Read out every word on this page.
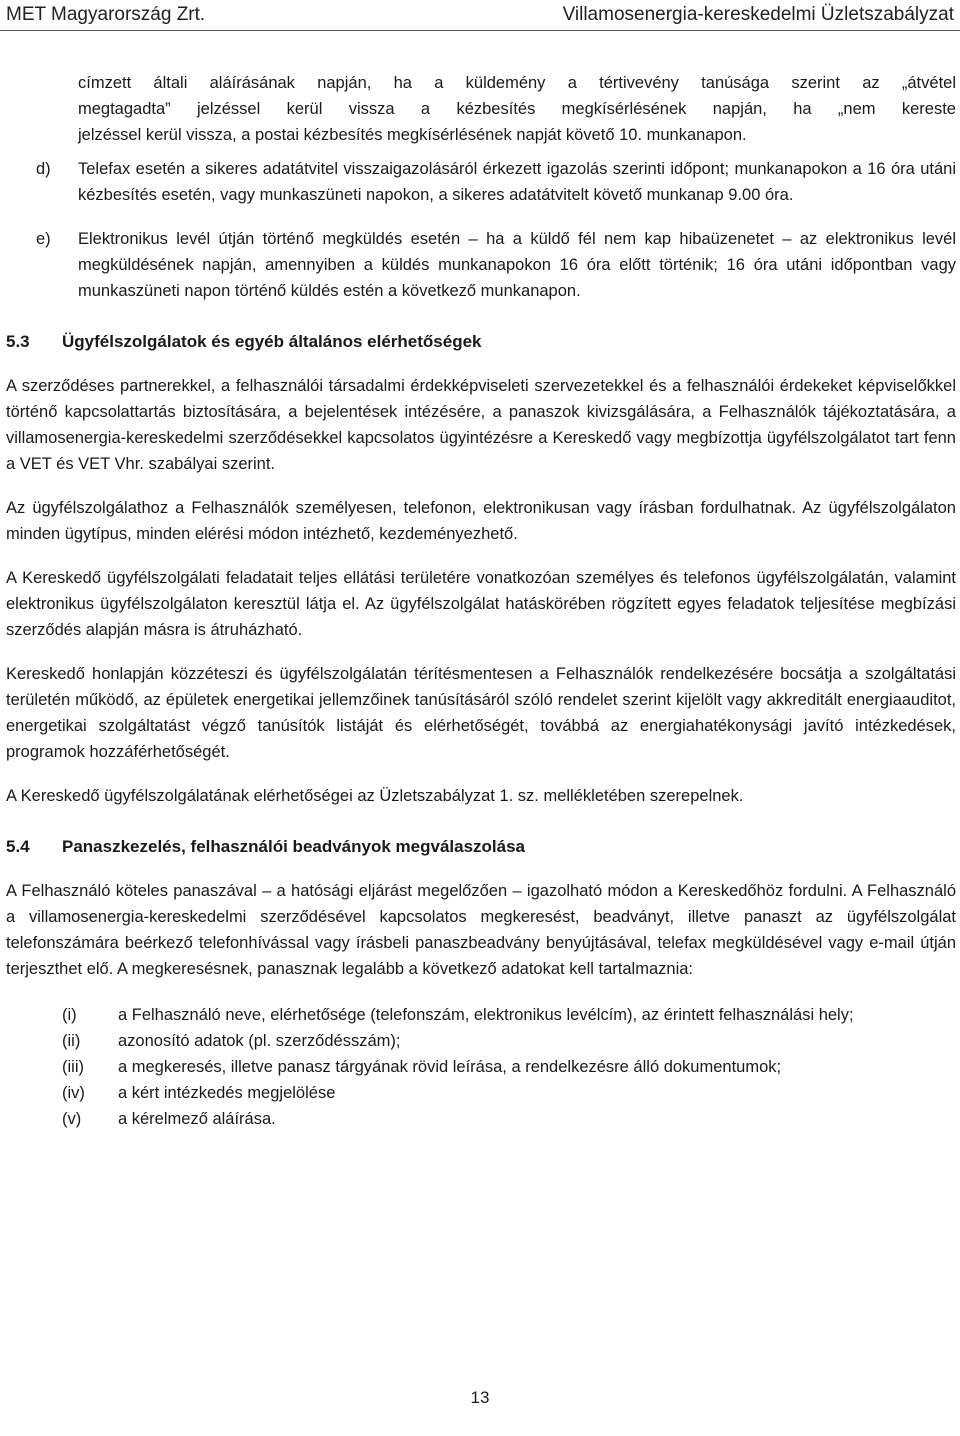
MET Magyarország Zrt.	Villamosenergia-kereskedelmi Üzletszabályzat

címzett általi aláírásának napján, ha a küldemény a tértivevény tanúsága szerint az „átvétel

megtagadta” jelzéssel kerül vissza a kézbesítés megkísérlésének napján, ha „nem kereste

jelzéssel kerül vissza, a postai kézbesítés megkísérlésének napját követő 10. munkanapon.

d) Telefax esetén a sikeres adatátvitel visszaigazolásáról érkezett igazolás szerinti időpont; munkanapokon a 16 óra utáni kézbesítés esetén, vagy munkaszüneti napokon, a sikeres adatátvitelt követő munkanap 9.00 óra.

e) Elektronikus levél útján történő megküldés esetén – ha a küldő fél nem kap hibaüzenetet – az elektronikus levél megküldésének napján, amennyiben a küldés munkanapokon 16 óra előtt történik; 16 óra utáni időpontban vagy munkaszüneti napon történő küldés estén a következő munkanapon.

5.3	Ügyfélszolgálatok és egyéb általános elérhetőségek

A szerződéses partnerekkel, a felhasználói társadalmi érdekképviseleti szervezetekkel és a felhasználói érdekeket képviselőkkel történő kapcsolattartás biztosítására, a bejelentések intézésére, a panaszok kivizsgálására, a Felhasználók tájékoztatására, a villamosenergia-kereskedelmi szerződésekkel kapcsolatos ügyintézésre a Kereskedő vagy megbízottja ügyfélszolgálatot tart fenn a VET és VET Vhr. szabályai szerint.

Az ügyfélszolgálathoz a Felhasználók személyesen, telefonon, elektronikusan vagy írásban fordulhatnak. Az ügyfélszolgálaton minden ügytípus, minden elérési módon intézhető, kezdeményezhető.

A Kereskedő ügyfélszolgálati feladatait teljes ellátási területére vonatkozóan személyes és telefonos ügyfélszolgálatán, valamint elektronikus ügyfélszolgálaton keresztül látja el. Az ügyfélszolgálat hatáskörében rögzített egyes feladatok teljesítése megbízási szerződés alapján másra is átruházható.

Kereskedő honlapján közzéteszi és ügyfélszolgálatán térítésmentesen a Felhasználók rendelkezésére bocsátja a szolgáltatási területén működő, az épületek energetikai jellemzőinek tanúsításáról szóló rendelet szerint kijelölt vagy akkreditált energiaauditot, energetikai szolgáltatást végző tanúsítók listáját és elérhetőségét, továbbá az energiahatékonysági javító intézkedések, programok hozzáférhetőségét.

A Kereskedő ügyfélszolgálatának elérhetőségei az Üzletszabályzat 1. sz. mellékletében szerepelnek.

5.4	Panaszkezelés, felhasználói beadványok megválaszolása

A Felhasználó köteles panaszával – a hatósági eljárást megelőzően – igazolható módon a Kereskedőhöz fordulni. A Felhasználó a villamosenergia-kereskedelmi szerződésével kapcsolatos megkeresést, beadványt, illetve panaszt az ügyfélszolgálat telefonszámára beérkező telefonhívással vagy írásbeli panaszbeadvány benyújtásával, telefax megküldésével vagy e-mail útján terjeszthet elő. A megkeresésnek, panasznak legalább a következő adatokat kell tartalmaznia:

(i)	a Felhasználó neve, elérhetősége (telefonszám, elektronikus levélcím), az érintett felhasználási hely;
(ii)	azonosító adatok (pl. szerződésszám);
(iii)	a megkeresés, illetve panasz tárgyának rövid leírása, a rendelkezésre álló dokumentumok;
(iv)	a kért intézkedés megjelölése
(v)	a kérelmező aláírása.
13
